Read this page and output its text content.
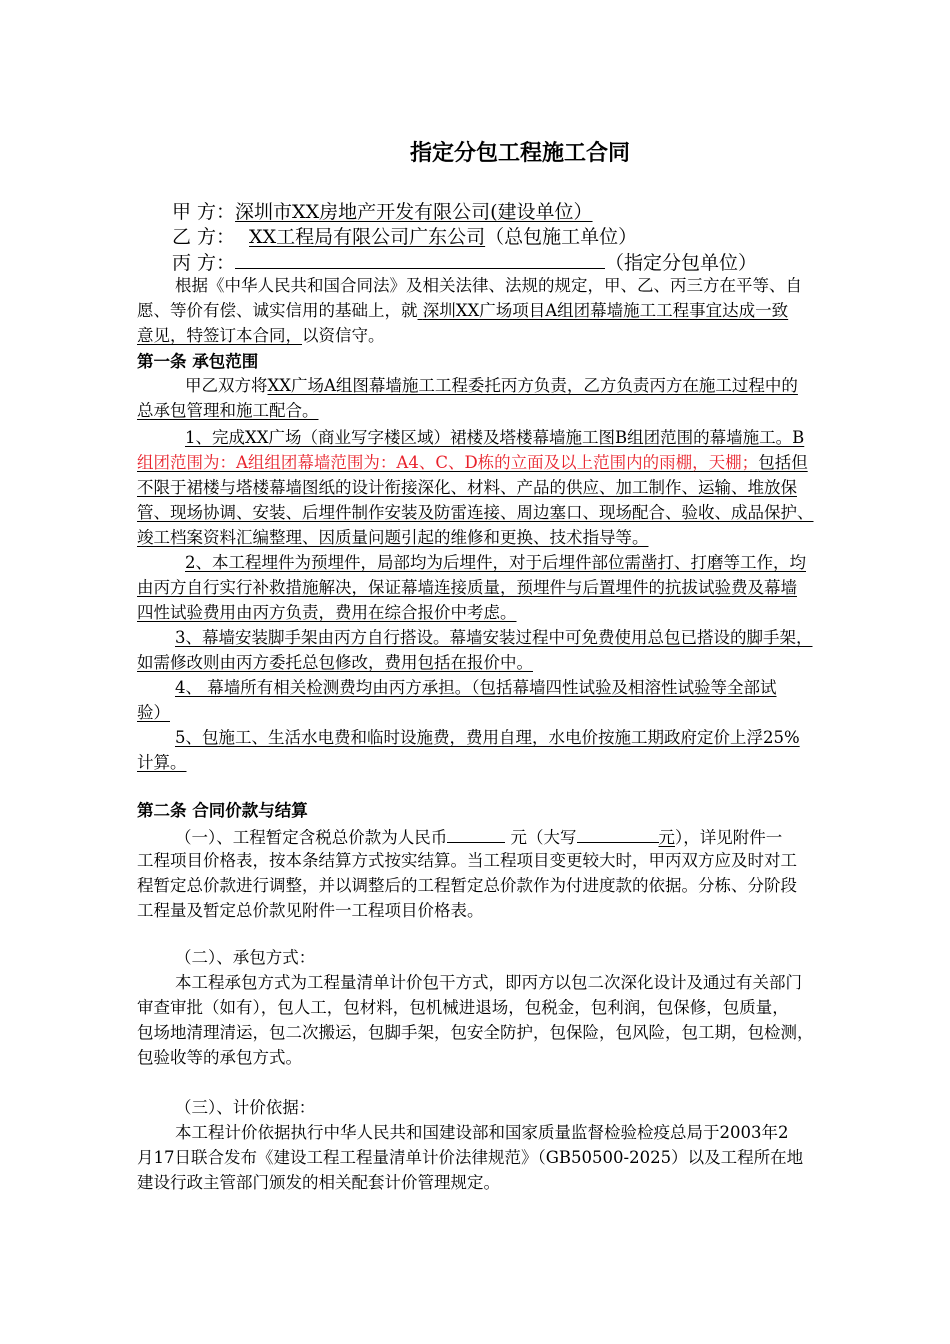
指定分包工程施工合同
甲 方：深圳市XX房地产开发有限公司(建设单位）
乙 方： XX工程局有限公司广东公司（总包施工单位）
丙 方：	（指定分包单位）
根据《中华人民共和国合同法》及相关法律、法规的规定，甲、乙、丙三方在平等、自
愿、等价有偿、诚实信用的基础上，就 深圳XX广场项目A组团幕墙施工工程事宜达成一致
意见，特签订本合同，以资信守。
第一条 承包范围
甲乙双方将XX广场A组图幕墙施工工程委托丙方负责，乙方负责丙方在施工过程中的
总承包管理和施工配合。
1、完成XX广场（商业写字楼区域）裙楼及塔楼幕墙施工图B组团范围的幕墙施工。B
组团范围为：A组组团幕墙范围为：A4、C、D栋的立面及以上范围内的雨棚，天棚；包括但
不限于裙楼与塔楼幕墙图纸的设计衔接深化、材料、产品的供应、加工制作、运输、堆放保
管、现场协调、安装、后埋件制作安装及防雷连接、周边塞口、现场配合、验收、成品保护、
竣工档案资料汇编整理、因质量问题引起的维修和更换、技术指导等。
2、本工程埋件为预埋件，局部均为后埋件，对于后埋件部位需凿打、打磨等工作，均
由丙方自行实行补救措施解决，保证幕墙连接质量，预埋件与后置埋件的抗拔试验费及幕墙
四性试验费用由丙方负责，费用在综合报价中考虑。
3、幕墙安装脚手架由丙方自行搭设。幕墙安装过程中可免费使用总包已搭设的脚手架，
如需修改则由丙方委托总包修改，费用包括在报价中。
4、 幕墙所有相关检测费均由丙方承担。（包括幕墙四性试验及相溶性试验等全部试
验）
5、包施工、生活水电费和临时设施费，费用自理，水电价按施工期政府定价上浮25%
计算。
第二条 合同价款与结算
（一）、工程暂定含税总价款为人民币	元（大写	元），详见附件一
工程项目价格表，按本条结算方式按实结算。当工程项目变更较大时，甲丙双方应及时对工
程暂定总价款进行调整，并以调整后的工程暂定总价款作为付进度款的依据。分栋、分阶段
工程量及暂定总价款见附件一工程项目价格表。
（二）、承包方式：
本工程承包方式为工程量清单计价包干方式，即丙方以包二次深化设计及通过有关部门
审查审批（如有），包人工，包材料，包机械进退场，包税金，包利润，包保修，包质量，
包场地清理清运，包二次搬运，包脚手架，包安全防护，包保险，包风险，包工期，包检测，
包验收等的承包方式。
（三）、计价依据：
本工程计价依据执行中华人民共和国建设部和国家质量监督检验检疫总局于2003年2
月17日联合发布《建设工程工程量清单计价法律规范》（GB50500-2025）以及工程所在地
建设行政主管部门颁发的相关配套计价管理规定。
